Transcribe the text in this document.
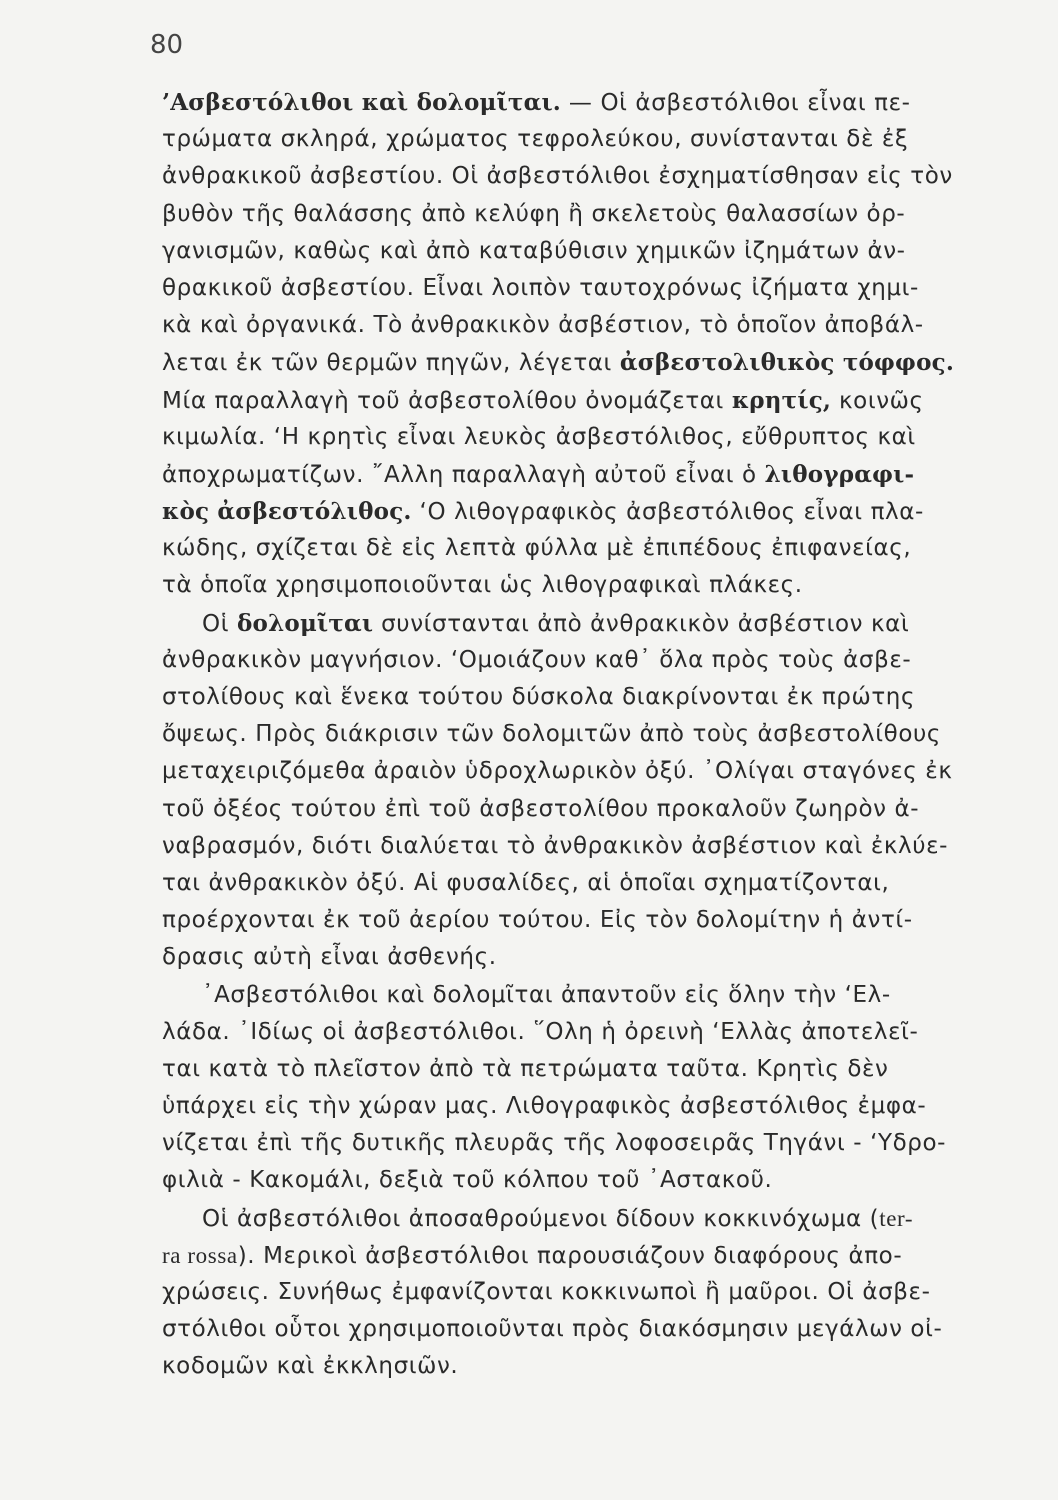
80
’Ασβεστόλιθοι καὶ δολομῖται. — Οἱ ἀσβεστόλιθοι εἶναι πε-
τρώματα σκληρά, χρώματος τεφρολεύκου, συνίστανται δὲ ἐξ
ἀνθρακικοῦ ἀσβεστίου. Οἱ ἀσβεστόλιθοι ἐσχηματίσθησαν εἰς τὸν
βυθὸν τῆς θαλάσσης ἀπὸ κελύφη ἢ σκελετοὺς θαλασσίων ὀρ-
γανισμῶν, καθὼς καὶ ἀπὸ καταβύθισιν χημικῶν ἰζημάτων ἀν-
θρακικοῦ ἀσβεστίου. Εἶναι λοιπὸν ταυτοχρόνως ἰζήματα χημι-
κὰ καὶ ὀργανικά. Τὸ ἀνθρακικὸν ἀσβέστιον, τὸ ὁποῖον ἀποβάλ-
λεται ἐκ τῶν θερμῶν πηγῶν, λέγεται ἀσβεστολιθικὸς τόφφος.
Μία παραλλαγὴ τοῦ ἀσβεστολίθου ὀνομάζεται κρητίς, κοινῶς
κιμωλία. ‘Η κρητὶς εἶναι λευκὸς ἀσβεστόλιθος, εὔθρυπτος καὶ
ἀποχρωματίζων. ῎Αλλη παραλλαγὴ αὐτοῦ εἶναι ὁ λιθογραφι-
κὸς ἀσβεστόλιθος. ‘Ο λιθογραφικὸς ἀσβεστόλιθος εἶναι πλα-
κώδης, σχίζεται δὲ εἰς λεπτὰ φύλλα μὲ ἐπιπέδους ἐπιφανείας,
τὰ ὁποῖα χρησιμοποιοῦνται ὡς λιθογραφικαὶ πλάκες.
Οἱ δολομῖται συνίστανται ἀπὸ ἀνθρακικὸν ἀσβέστιον καὶ
ἀνθρακικὸν μαγνήσιον. ‘Ομοιάζουν καθ᾿ ὅλα πρὸς τοὺς ἀσβε-
στολίθους καὶ ἕνεκα τούτου δύσκολα διακρίνονται ἐκ πρώτης
ὄψεως. Πρὸς διάκρισιν τῶν δολομιτῶν ἀπὸ τοὺς ἀσβεστολίθους
μεταχειριζόμεθα ἀραιὸν ὑδροχλωρικὸν ὀξύ. ᾿Ολίγαι σταγόνες ἐκ
τοῦ ὀξέος τούτου ἐπὶ τοῦ ἀσβεστολίθου προκαλοῦν ζωηρὸν ἀ-
ναβρασμόν, διότι διαλύεται τὸ ἀνθρακικὸν ἀσβέστιον καὶ ἐκλύε-
ται ἀνθρακικὸν ὀξύ. Αἱ φυσαλίδες, αἱ ὁποῖαι σχηματίζονται,
προέρχονται ἐκ τοῦ ἀερίου τούτου. Εἰς τὸν δολομίτην ἡ ἀντί-
δρασις αὐτὴ εἶναι ἀσθενής.
᾿Ασβεστόλιθοι καὶ δολομῖται ἀπαντοῦν εἰς ὅλην τὴν ‘Ελ-
λάδα. ᾿Ιδίως οἱ ἀσβεστόλιθοι. ῞Ολη ἡ ὀρεινὴ ‘Ελλὰς ἀποτελεῖ-
ται κατὰ τὸ πλεῖστον ἀπὸ τὰ πετρώματα ταῦτα. Κρητὶς δὲν
ὑπάρχει εἰς τὴν χώραν μας. Λιθογραφικὸς ἀσβεστόλιθος ἐμφα-
νίζεται ἐπὶ τῆς δυτικῆς πλευρᾶς τῆς λοφοσειρᾶς Τηγάνι - ‘Υδρο-
φιλιὰ - Κακομάλι, δεξιὰ τοῦ κόλπου τοῦ ᾿Αστακοῦ.
Οἱ ἀσβεστόλιθοι ἀποσαθρούμενοι δίδουν κοκκινόχωμα (ter-
ra rossa). Μερικοὶ ἀσβεστόλιθοι παρουσιάζουν διαφόρους ἀπο-
χρώσεις. Συνήθως ἐμφανίζονται κοκκινωποὶ ἢ μαῦροι. Οἱ ἀσβε-
στόλιθοι οὗτοι χρησιμοποιοῦνται πρὸς διακόσμησιν μεγάλων οἰ-
κοδομῶν καὶ ἐκκλησιῶν.
